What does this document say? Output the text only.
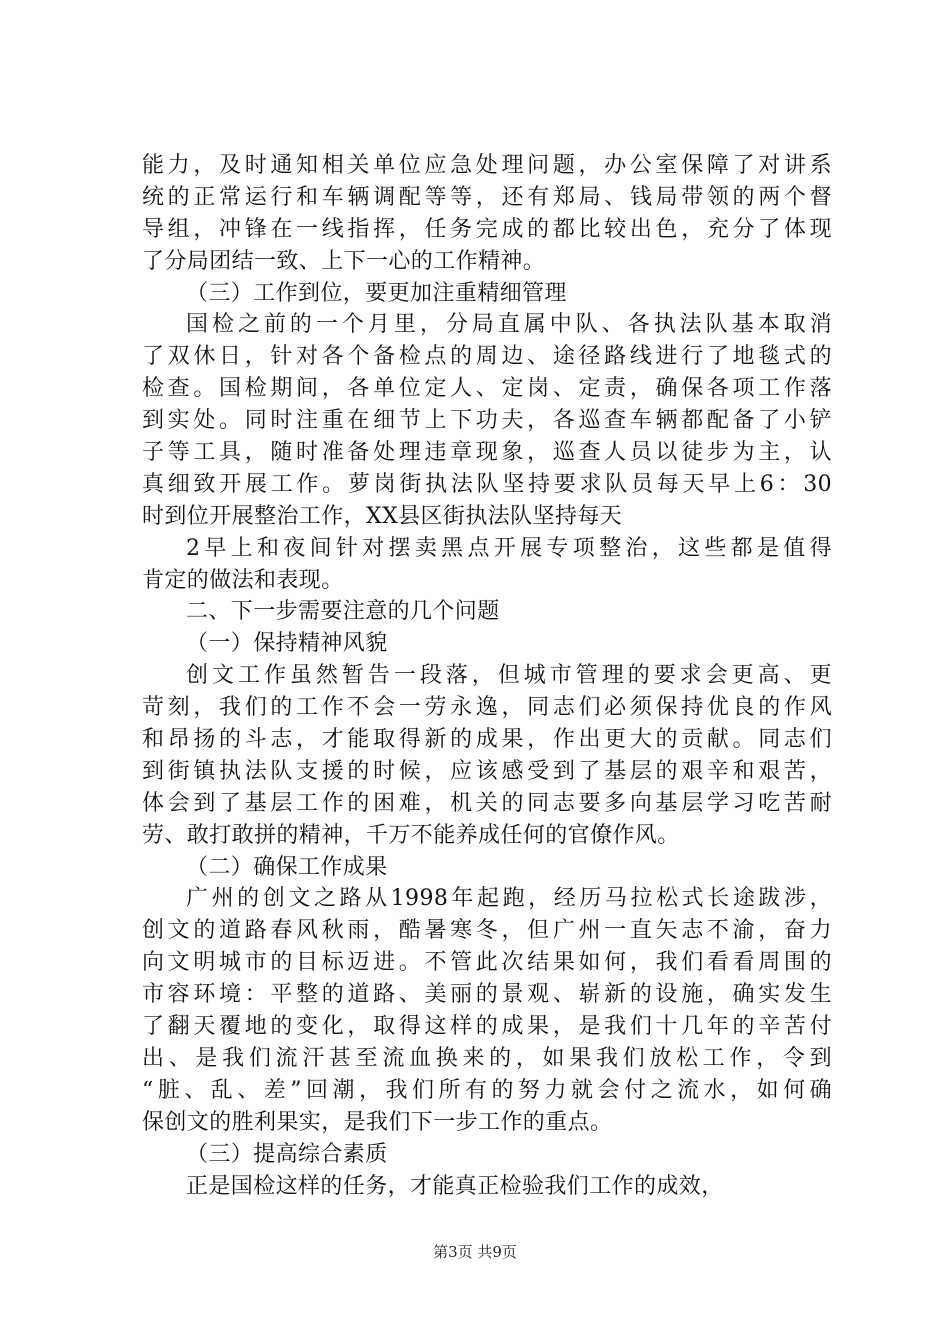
能力，及时通知相关单位应急处理问题，办公室保障了对讲系
统的正常运行和车辆调配等等，还有郑局、钱局带领的两个督
导组，冲锋在一线指挥，任务完成的都比较出色，充分了体现
了分局团结一致、上下一心的工作精神。
（三）工作到位，要更加注重精细管理
国检之前的一个月里，分局直属中队、各执法队基本取消
了双休日，针对各个备检点的周边、途径路线进行了地毯式的
检查。国检期间，各单位定人、定岗、定责，确保各项工作落
到实处。同时注重在细节上下功夫，各巡查车辆都配备了小铲
子等工具，随时准备处理违章现象，巡查人员以徒步为主，认
真细致开展工作。萝岗街执法队坚持要求队员每天早上6：30
时到位开展整治工作，XX县区街执法队坚持每天
2早上和夜间针对摆卖黑点开展专项整治，这些都是值得
肯定的做法和表现。
二、下一步需要注意的几个问题
（一）保持精神风貌
创文工作虽然暂告一段落，但城市管理的要求会更高、更
苛刻，我们的工作不会一劳永逸，同志们必须保持优良的作风
和昂扬的斗志，才能取得新的成果，作出更大的贡献。同志们
到街镇执法队支援的时候，应该感受到了基层的艰辛和艰苦，
体会到了基层工作的困难，机关的同志要多向基层学习吃苦耐
劳、敢打敢拼的精神，千万不能养成任何的官僚作风。
（二）确保工作成果
广州的创文之路从1998年起跑，经历马拉松式长途跋涉，
创文的道路春风秋雨，酷暑寒冬，但广州一直矢志不渝，奋力
向文明城市的目标迈进。不管此次结果如何，我们看看周围的
市容环境：平整的道路、美丽的景观、崭新的设施，确实发生
了翻天覆地的变化，取得这样的成果，是我们十几年的辛苦付
出、是我们流汗甚至流血换来的，如果我们放松工作，令到
“脏、乱、差”回潮，我们所有的努力就会付之流水，如何确
保创文的胜利果实，是我们下一步工作的重点。
（三）提高综合素质
正是国检这样的任务，才能真正检验我们工作的成效，
第3页 共9页
